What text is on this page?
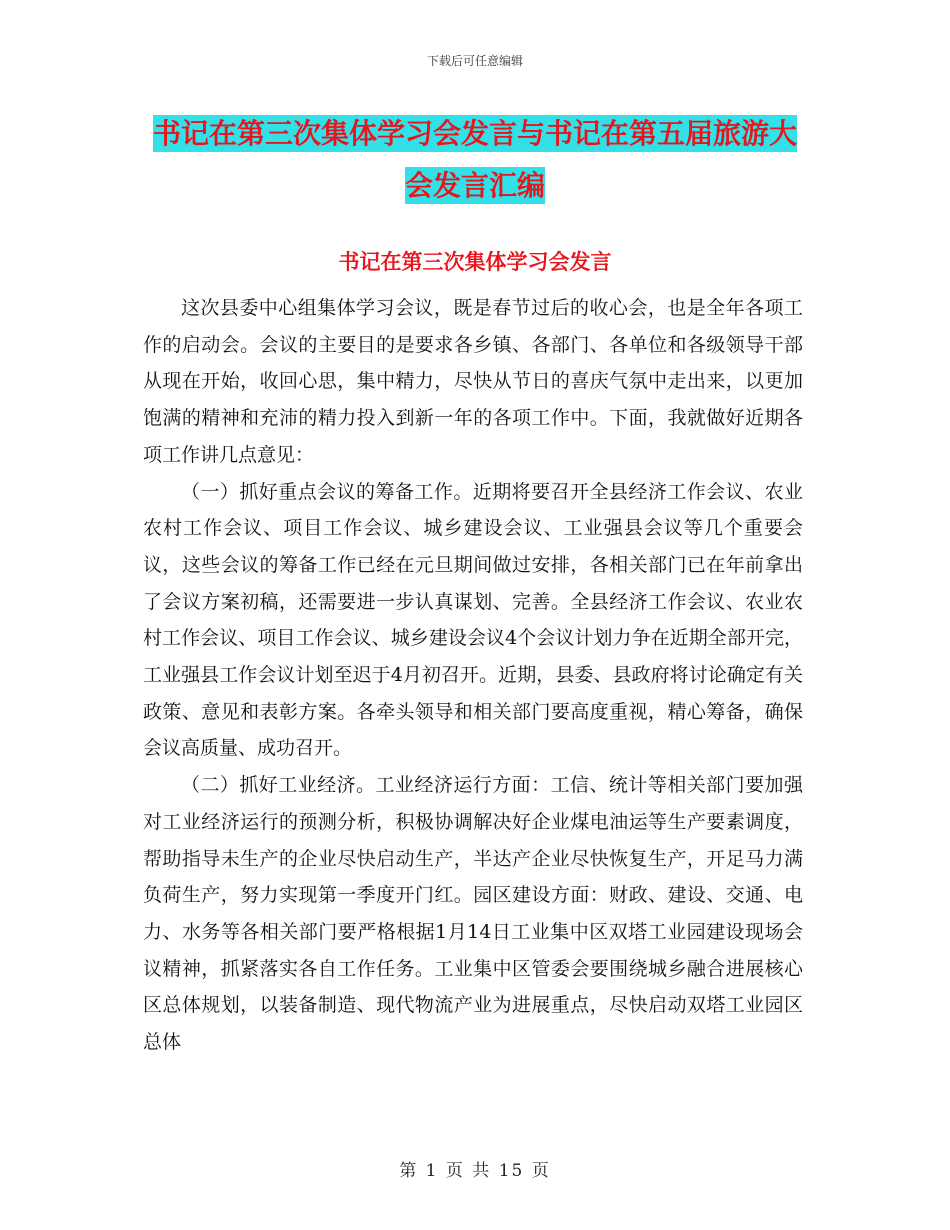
下载后可任意编辑
书记在第三次集体学习会发言与书记在第五届旅游大
会发言汇编
书记在第三次集体学习会发言

这次县委中心组集体学习会议，既是春节过后的收心会，也是全年各项工作的启动会。会议的主要目的是要求各乡镇、各部门、各单位和各级领导干部从现在开始，收回心思，集中精力，尽快从节日的喜庆气氛中走出来，以更加饱满的精神和充沛的精力投入到新一年的各项工作中。下面，我就做好近期各项工作讲几点意见：

（一）抓好重点会议的筹备工作。近期将要召开全县经济工作会议、农业农村工作会议、项目工作会议、城乡建设会议、工业强县会议等几个重要会议，这些会议的筹备工作已经在元旦期间做过安排，各相关部门已在年前拿出了会议方案初稿，还需要进一步认真谋划、完善。全县经济工作会议、农业农村工作会议、项目工作会议、城乡建设会议4个会议计划力争在近期全部开完，工业强县工作会议计划至迟于4月初召开。近期，县委、县政府将讨论确定有关政策、意见和表彰方案。各牵头领导和相关部门要高度重视，精心筹备，确保会议高质量、成功召开。

（二）抓好工业经济。工业经济运行方面：工信、统计等相关部门要加强对工业经济运行的预测分析，积极协调解决好企业煤电油运等生产要素调度，帮助指导未生产的企业尽快启动生产，半达产企业尽快恢复生产，开足马力满负荷生产，努力实现第一季度开门红。园区建设方面：财政、建设、交通、电力、水务等各相关部门要严格根据1月14日工业集中区双塔工业园建设现场会议精神，抓紧落实各自工作任务。工业集中区管委会要围绕城乡融合进展核心区总体规划，以装备制造、现代物流产业为进展重点，尽快启动双塔工业园区总体

第 1 页 共 15 页
